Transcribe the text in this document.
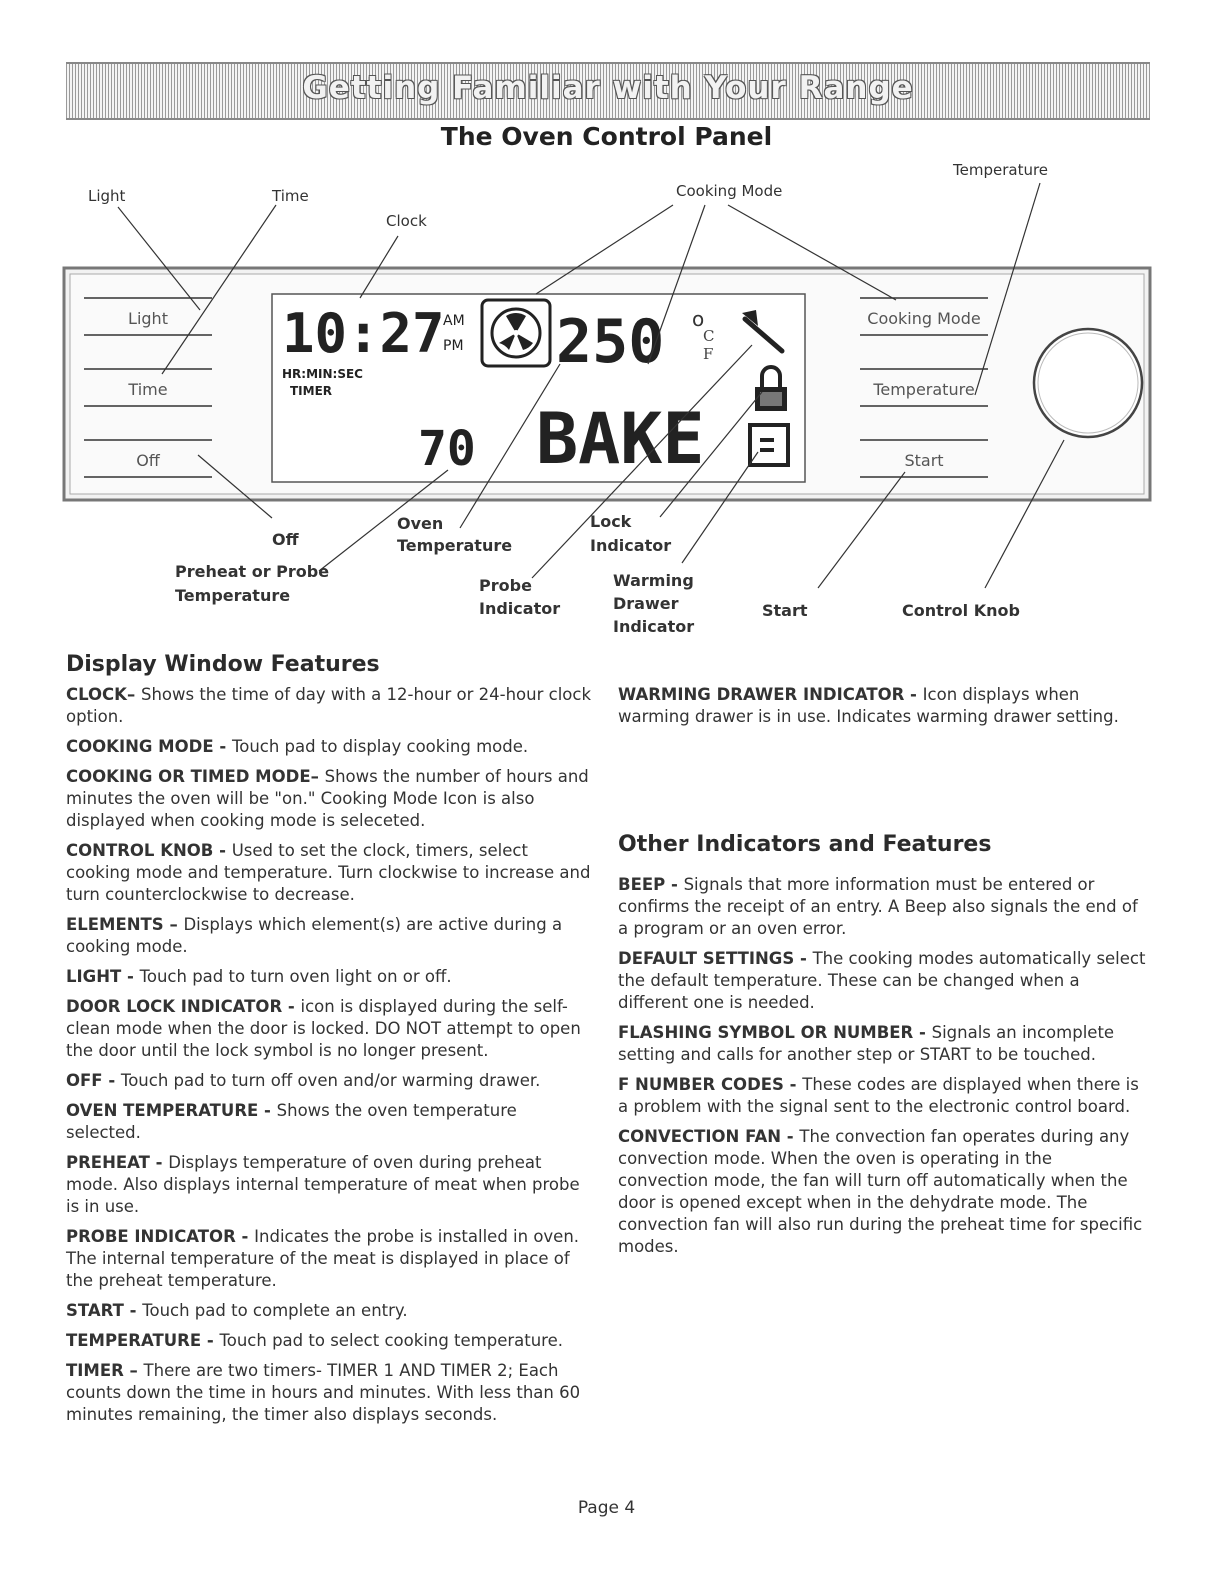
Getting Familiar with Your Range
The Oven Control Panel
Light
Time
Off
Cooking Mode
Temperature
Start
10:27
AM
PM
HR:MIN:SEC
TIMER
250 o
C
F
BAKE
70
Light	Time
Clock
Cooking Mode
Temperature
Off
Oven
Temperature
Lock
Indicator
Preheat or Probe
Temperature
Probe
Indicator
Warming
Drawer
Indicator
Start	Control Knob
Display Window Features

CLOCK– Shows the time of day with a 12-hour or 24-hour clock option.

COOKING MODE - Touch pad to display cooking mode.

COOKING OR TIMED MODE– Shows the number of hours and minutes the oven will be "on." Cooking Mode Icon is also displayed when cooking mode is seleceted.

CONTROL KNOB - Used to set the clock, timers, select cooking mode and temperature. Turn clockwise to increase and turn counterclockwise to decrease.

ELEMENTS – Displays which element(s) are active during a cooking mode.

LIGHT - Touch pad to turn oven light on or off.

DOOR LOCK INDICATOR - icon is displayed during the self-clean mode when the door is locked. DO NOT attempt to open the door until the lock symbol is no longer present.

OFF - Touch pad to turn off oven and/or warming drawer.

OVEN TEMPERATURE - Shows the oven temperature selected.

PREHEAT - Displays temperature of oven during preheat mode. Also displays internal temperature of meat when probe is in use.

PROBE INDICATOR - Indicates the probe is installed in oven. The internal temperature of the meat is displayed in place of the preheat temperature.

START - Touch pad to complete an entry.

TEMPERATURE - Touch pad to select cooking temperature.

TIMER – There are two timers- TIMER 1 AND TIMER 2; Each counts down the time in hours and minutes. With less than 60 minutes remaining, the timer also displays seconds.

WARMING DRAWER INDICATOR - Icon displays when warming drawer is in use. Indicates warming drawer setting.

Other Indicators and Features

BEEP - Signals that more information must be entered or confirms the receipt of an entry. A Beep also signals the end of a program or an oven error.

DEFAULT SETTINGS - The cooking modes automatically select the default temperature. These can be changed when a different one is needed.

FLASHING SYMBOL OR NUMBER - Signals an incomplete setting and calls for another step or START to be touched.

F NUMBER CODES - These codes are displayed when there is a problem with the signal sent to the electronic control board.

CONVECTION FAN - The convection fan operates during any convection mode. When the oven is operating in the convection mode, the fan will turn off automatically when the door is opened except when in the dehydrate mode. The convection fan will also run during the preheat time for specific modes.

Page 4
